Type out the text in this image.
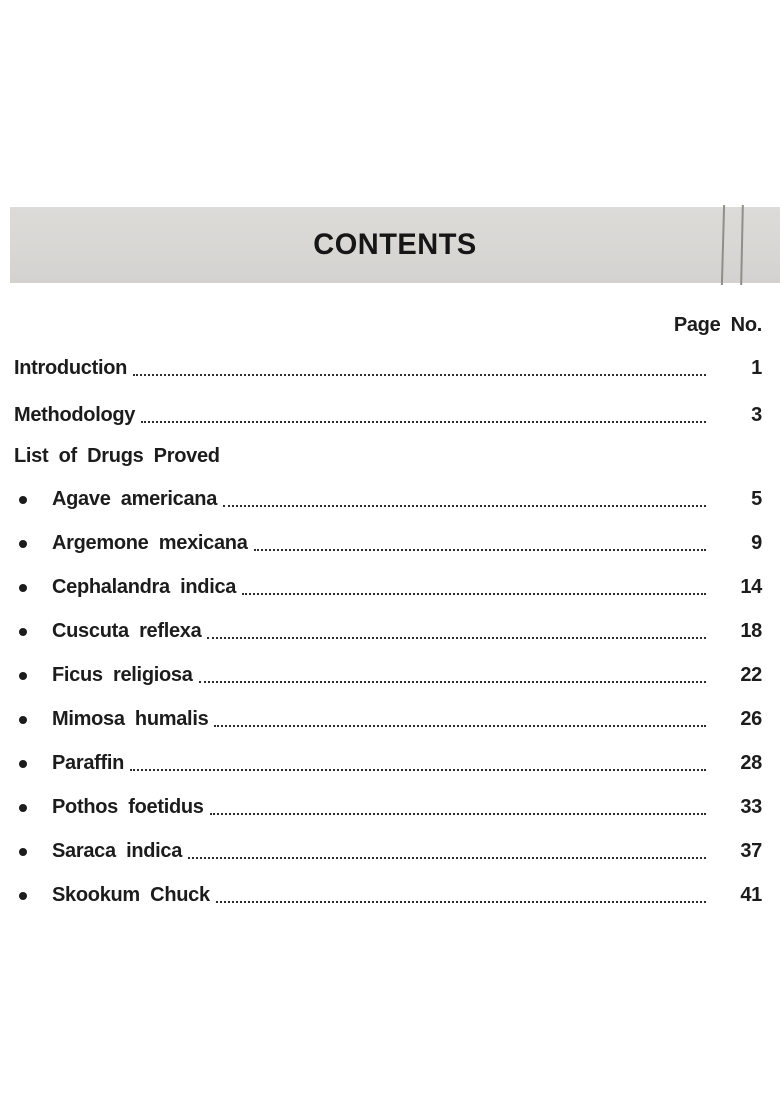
CONTENTS
Page No.
Introduction	1
Methodology	3
List of Drugs Proved
Agave americana	5
Argemone mexicana	9
Cephalandra indica	14
Cuscuta reflexa	18
Ficus religiosa	22
Mimosa humalis	26
Paraffin	28
Pothos foetidus	33
Saraca indica	37
Skookum Chuck	41
